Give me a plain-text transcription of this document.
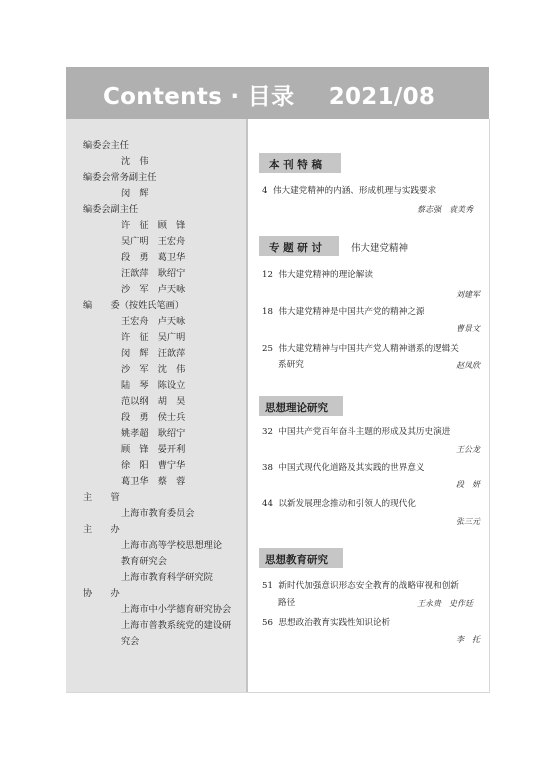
Contents · 目录 2021/08
编委会主任
沈　伟
编委会常务副主任
闵　辉
编委会副主任
许　征　顾　锋
吴广明　王宏舟
段　勇　葛卫华
汪歆萍　耿绍宁
沙　军　卢天咏
编　　委（按姓氏笔画）
王宏舟　卢天咏
许　征　吴广明
闵　辉　汪歆萍
沙　军　沈　伟
陆　琴　陈设立
范以纲　胡　昊
段　勇　侯士兵
姚孝超　耿绍宁
顾　锋　晏开利
徐　阳　曹宁华
葛卫华　蔡　蓉
主　　管
上海市教育委员会
主　　办
上海市高等学校思想理论
教育研究会
上海市教育科学研究院
协　　办
上海市中小学德育研究协会
上海市普教系统党的建设研
究会
本 刊 特 稿
4 伟大建党精神的内涵、形成机理与实践要求
蔡志强　袁美秀
专 题 研 讨	伟大建党精神
12 伟大建党精神的理论解读
刘建军
18 伟大建党精神是中国共产党的精神之源
曹景文
25 伟大建党精神与中国共产党人精神谱系的逻辑关
系研究	赵凤欣
思想理论研究
32 中国共产党百年奋斗主题的形成及其历史演进
王公龙
38 中国式现代化道路及其实践的世界意义
段　妍
44 以新发展理念推动和引领人的现代化
张三元
思想教育研究
51 新时代加强意识形态安全教育的战略审视和创新
路径	王永贵　史作廷
56 思想政治教育实践性知识论析
李　托
